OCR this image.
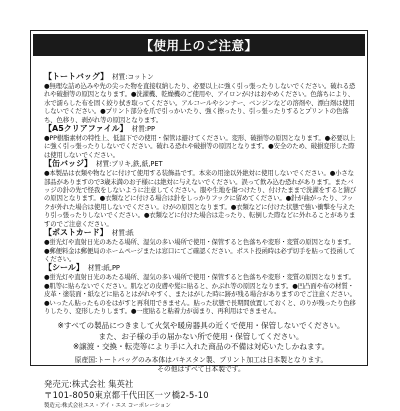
【使用上のご注意】
【トートバッグ】 材質:コットン
●無理な詰め込みや先の尖った物を直接収納したり、必要以上に強く引っ張ったりしないでください。破れる恐れや破損等の原因となります。●洗濯機、乾燥機のご使用や、アイロンがけはおやめください。色落ちにより、水で濡らした布を固く絞り拭き取ってください。アルコールやシンナー、ベンジンなどの溶剤や、漂白剤は使用しないでください。●プリント部分を爪で引っかいたり、強く擦ったり、引っ張ったりするとプリントの色落ち、色移り、剥がれ等の原因となります。
【A5クリアファイル】 材質:PP
●PP樹脂素材の特性上、低温下での使用・保管は避けてください。変形、破損等の原因となります。●必要以上に強く引っ張ったりしないでください。破れる恐れや破損等の原因となります。●安全のため、破損変形した際は使用しないでください。
【缶バッジ】 材質:ブリキ,鉄,紙,PET
●本製品は衣類や物などに付けて使用する装飾品です。本来の用途以外絶対に使用しないでください。●小さな部品がありますので3歳未満のお子様には絶対に与えないでください。誤って飲み込む恐れがあります。またバッジの針の先で怪我をしないように注意してください。服や生地を傷つけたり、付けたままで洗濯をすると錆びの原因となります。●衣類などに付ける場合は針をしっかりフックに留めてください。●針が曲がったり、フックが外れた場合は使用しないでください。けがの原因となります。●衣類などに付けた状態で強い衝撃を与えたり引っ張ったりしないでください。●衣類などに付けた場合は走ったり、転倒した際などに外れることがありますのでご注意ください。
【ポストカード】 材質:紙
●蛍光灯や直射日光のあたる場所、湿気の多い場所で使用・保管すると色落ちや変形・変質の原因となります。●郵便料金は郵便局のホームページまたは窓口にてご確認ください。ポスト投函時は必ず切手を貼って投函してください。
【シール】 材質:紙,PP
●蛍光灯や直射日光のあたる場所、湿気の多い場所で使用・保管すると色落ちや変形・変質の原因となります。●肌等に貼らないでください。肌などの皮膚や髪に貼ると、かぶれ等の原因となります。●凹凸面や布の材質・皮革・塗装面・紙などに貼るとはがれやすく、またはがした時に跡が残る場合がありますのでご注意ください。●いったん貼ったものをはがすと再利用できません。貼った状態で長期間放置しておくと、のりが残ったり色移りしたり、変形したりします。●一度貼ると粘着力が弱まり、再利用はできません。
※すべての製品につきまして火気や暖房器具の近くで使用・保管しないでください。
また、お子様の手の届かない所で使用・保管してください。
※譲渡・交換・転売等により手に入れた商品の不備は対応いたしかねます。
原産国:トートバッグのみ本体はパキスタン製、プリント加工は日本製となります。
その他はすべて日本製です。
発売元:株式会社 集英社
〒101-8050東京都千代田区一ツ橋2-5-10
製造元:株式会社エス・アイ・エス コーポレーション
